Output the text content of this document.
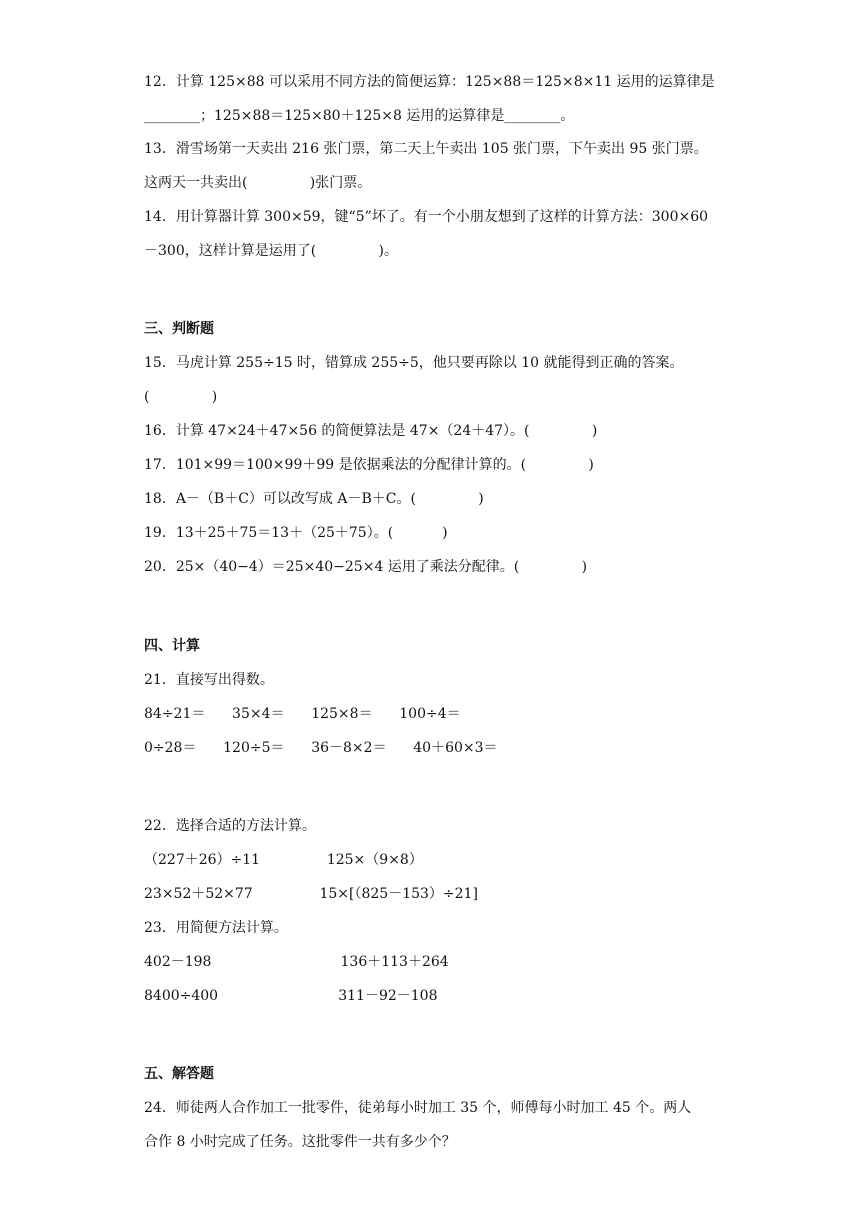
12．计算 125×88 可以采用不同方法的简便运算：125×88＝125×8×11 运用的运算律是
________；125×88＝125×80＋125×8 运用的运算律是________。
13．滑雪场第一天卖出 216 张门票，第二天上午卖出 105 张门票，下午卖出 95 张门票。
这两天一共卖出(              )张门票。
14．用计算器计算 300×59，键“5”坏了。有一个小朋友想到了这样的计算方法：300×60
－300，这样计算是运用了(              )。
三、判断题
15．马虎计算 255÷15 时，错算成 255÷5，他只要再除以 10 就能得到正确的答案。
(              )
16．计算 47×24＋47×56 的简便算法是 47×（24＋47）。(              )
17．101×99＝100×99＋99 是依据乘法的分配律计算的。(              )
18．A－（B＋C）可以改写成 A－B＋C。(              )
19．13＋25＋75＝13＋（25＋75）。(           )
20．25×（40−4）＝25×40−25×4 运用了乘法分配律。(              )
四、计算
21．直接写出得数。
84÷21＝      35×4＝      125×8＝      100÷4＝
0÷28＝      120÷5＝      36－8×2＝      40＋60×3＝
22．选择合适的方法计算。
（227＋26）÷11               125×（9×8）
23×52＋52×77               15×[（825－153）÷21]
23．用简便方法计算。
402－198                             136＋113＋264
8400÷400                           311－92－108
五、解答题
24．师徒两人合作加工一批零件，徒弟每小时加工 35 个，师傅每小时加工 45 个。两人
合作 8 小时完成了任务。这批零件一共有多少个？
